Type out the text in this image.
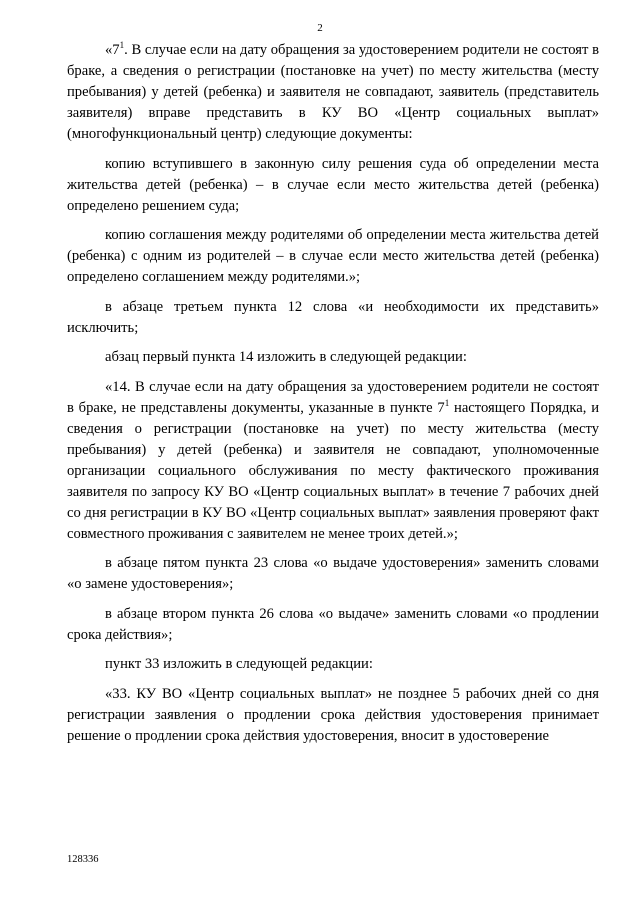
2

«$7^1$. В случае если на дату обращения за удостоверением родители не состоят в браке, а сведения о регистрации (постановке на учет) по месту жительства (месту пребывания) у детей (ребенка) и заявителя не совпадают, заявитель (представитель заявителя) вправе представить в КУ ВО «Центр социальных выплат» (многофункциональный центр) следующие документы:

копию вступившего в законную силу решения суда об определении места жительства детей (ребенка) – в случае если место жительства детей (ребенка) определено решением суда;

копию соглашения между родителями об определении места жительства детей (ребенка) с одним из родителей – в случае если место жительства детей (ребенка) определено соглашением между родителями.»;

в абзаце третьем пункта 12 слова «и необходимости их представить» исключить;

абзац первый пункта 14 изложить в следующей редакции:

«14. В случае если на дату обращения за удостоверением родители не состоят в браке, не представлены документы, указанные в пункте $7^1$ настоящего Порядка, и сведения о регистрации (постановке на учет) по месту жительства (месту пребывания) у детей (ребенка) и заявителя не совпадают, уполномоченные организации социального обслуживания по месту фактического проживания заявителя по запросу КУ ВО «Центр социальных выплат» в течение 7 рабочих дней со дня регистрации в КУ ВО «Центр социальных выплат» заявления проверяют факт совместного проживания с заявителем не менее троих детей.»;

в абзаце пятом пункта 23 слова «о выдаче удостоверения» заменить словами «о замене удостоверения»;

в абзаце втором пункта 26 слова «о выдаче» заменить словами «о продлении срока действия»;

пункт 33 изложить в следующей редакции:

«33. КУ ВО «Центр социальных выплат» не позднее 5 рабочих дней со дня регистрации заявления о продлении срока действия удостоверения принимает решение о продлении срока действия удостоверения, вносит в удостоверение

128336
